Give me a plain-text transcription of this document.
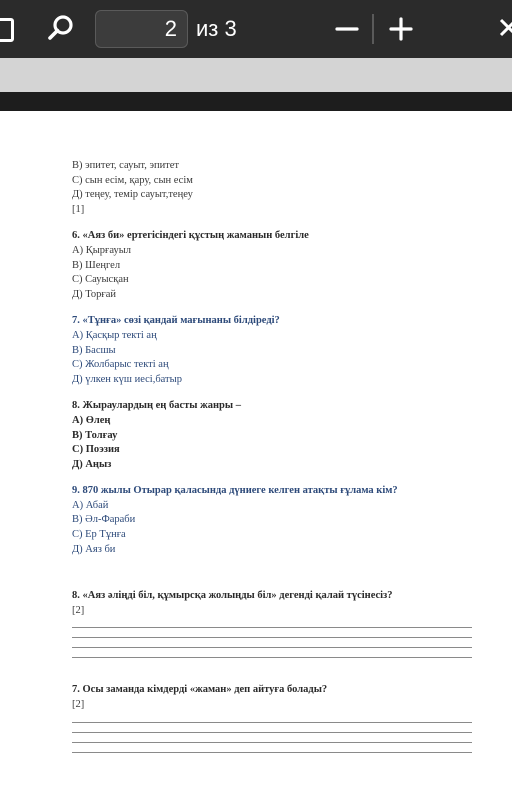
2 из 3
В) эпитет, сауыт, эпитет
С) сын есім, қару, сын есім
Д) теңеу, темір сауыт,теңеу
[1]
6. «Аяз би» ертегісіндегі құстың жаманын белгіле
А) Қырғауыл
В) Шеңгел
С) Сауысқан
Д) Торғай
7. «Тұнға» сөзі қандай мағынаны білдіреді?
А) Қасқыр текті аң
В) Басшы
С) Жолбарыс текті аң
Д) үлкен күш иесі,батыр
8. Жыраулардың ең басты жанры –
А) Өлең
В) Толғау
С) Поэзия
Д) Аңыз
9. 870 жылы Отырар қаласында дүниеге келген атақты ғұлама кім?
А) Абай
В) Әл-Фараби
С) Ер Тұнға
Д) Аяз би
8. «Аяз әліңді біл, құмырсқа жолыңды біл» дегенді қалай түсінесіз?
[2]
7. Осы заманда кімдерді «жаман» деп айтуға болады?
[2]
